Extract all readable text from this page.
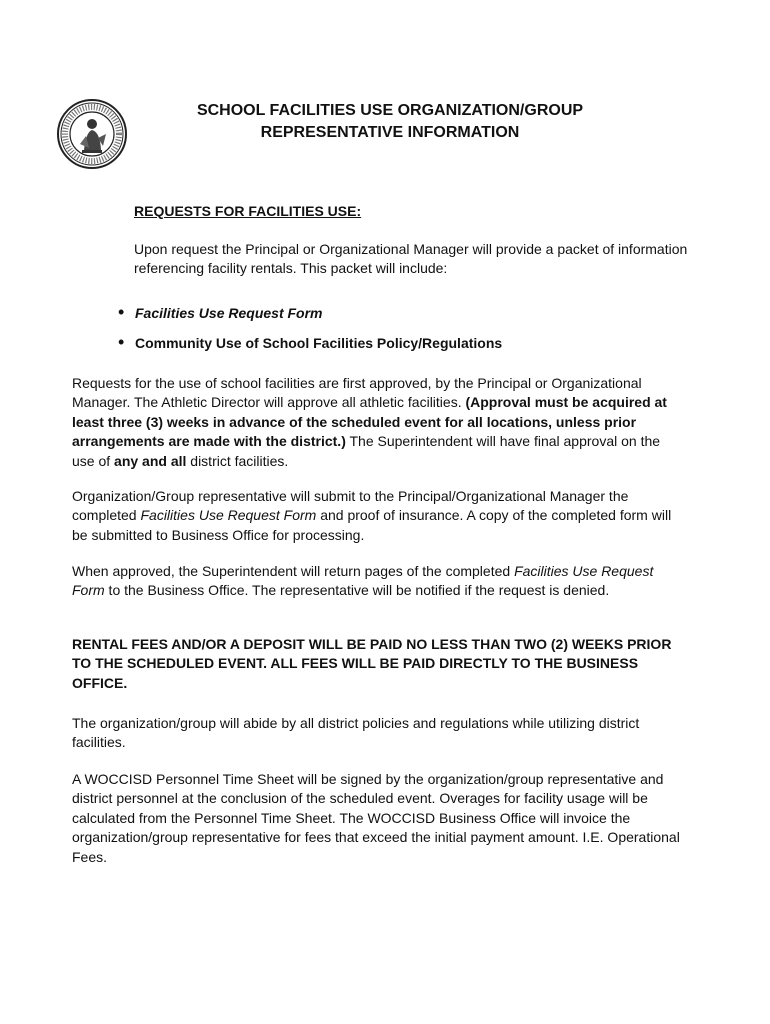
SCHOOL FACILITIES USE ORGANIZATION/GROUP
REPRESENTATIVE INFORMATION
REQUESTS FOR FACILITIES USE:
Upon request the Principal or Organizational Manager will provide a packet of information referencing facility rentals. This packet will include:
• Facilities Use Request Form
• Community Use of School Facilities Policy/Regulations

Requests for the use of school facilities are first approved, by the Principal or Organizational Manager. The Athletic Director will approve all athletic facilities. (Approval must be acquired at least three (3) weeks in advance of the scheduled event for all locations, unless prior arrangements are made with the district.) The Superintendent will have final approval on the use of any and all district facilities.

Organization/Group representative will submit to the Principal/Organizational Manager the completed Facilities Use Request Form and proof of insurance. A copy of the completed form will be submitted to Business Office for processing.

When approved, the Superintendent will return pages of the completed Facilities Use Request Form to the Business Office. The representative will be notified if the request is denied.

RENTAL FEES AND/OR A DEPOSIT WILL BE PAID NO LESS THAN TWO (2) WEEKS PRIOR TO THE SCHEDULED EVENT. ALL FEES WILL BE PAID DIRECTLY TO THE BUSINESS OFFICE.

The organization/group will abide by all district policies and regulations while utilizing district facilities.

A WOCCISD Personnel Time Sheet will be signed by the organization/group representative and district personnel at the conclusion of the scheduled event. Overages for facility usage will be calculated from the Personnel Time Sheet. The WOCCISD Business Office will invoice the organization/group representative for fees that exceed the initial payment amount. I.E. Operational Fees.
